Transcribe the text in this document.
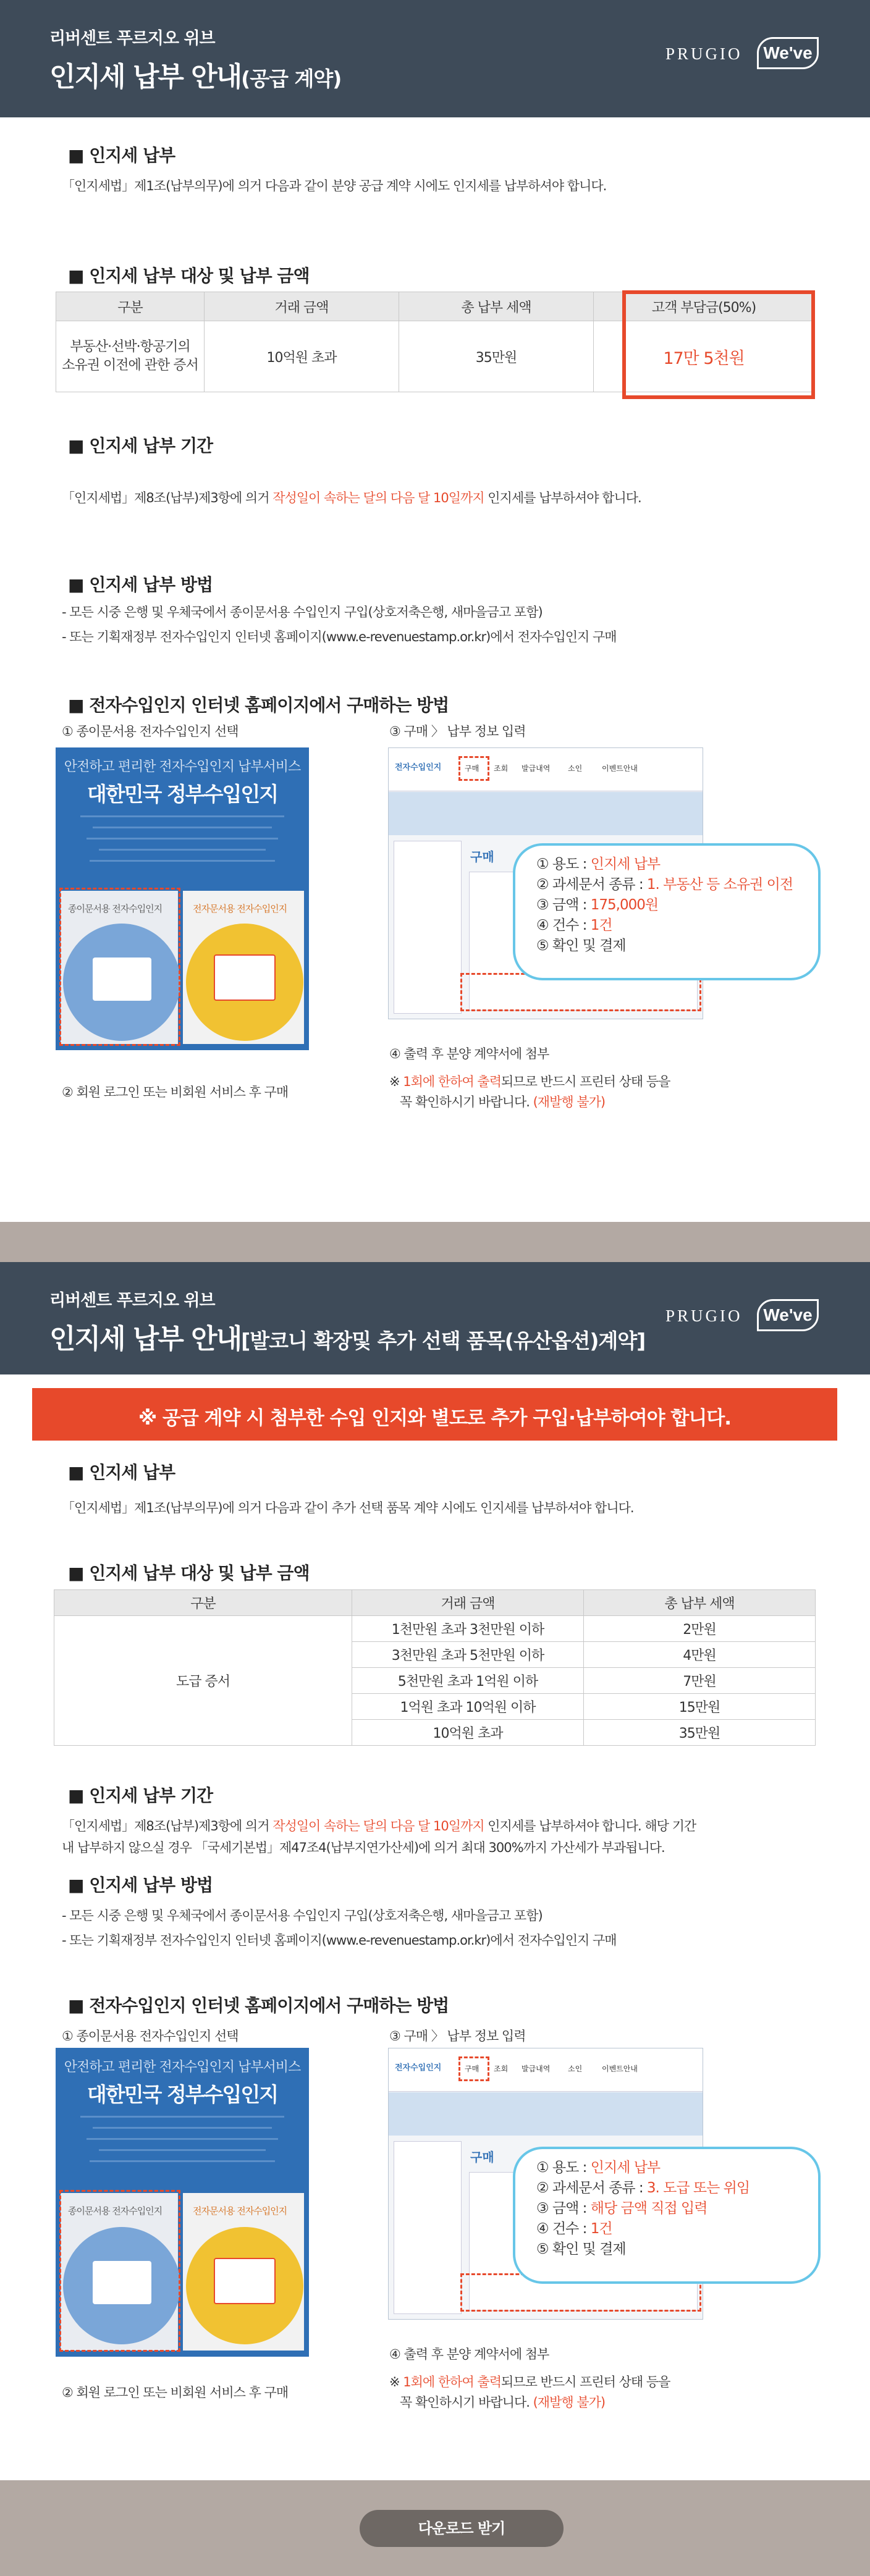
리버센트 푸르지오 위브
인지세 납부 안내(공급 계약)
PRUGIO	We've
■ 인지세 납부
「인지세법」제1조(납부의무)에 의거 다음과 같이 분양 공급 계약 시에도 인지세를 납부하셔야 합니다.
■ 인지세 납부 대상 및 납부 금액
구분	거래 금액	총 납부 세액	고객 부담금(50%)
부동산·선박·항공기의
소유권 이전에 관한 증서	10억원 초과	35만원	17만 5천원
■ 인지세 납부 기간
「인지세법」제8조(납부)제3항에 의거 작성일이 속하는 달의 다음 달 10일까지 인지세를 납부하셔야 합니다.
■ 인지세 납부 방법
- 모든 시중 은행 및 우체국에서 종이문서용 수입인지 구입(상호저축은행, 새마을금고 포함)
- 또는 기획재정부 전자수입인지 인터넷 홈페이지(www.e-revenuestamp.or.kr)에서 전자수입인지 구매
■ 전자수입인지 인터넷 홈페이지에서 구매하는 방법
① 종이문서용 전자수입인지 선택	③ 구매 〉 납부 정보 입력
안전하고 편리한 전자수입인지 납부서비스
대한민국 정부수입인지
종이문서용 전자수입인지	전자문서용 전자수입인지
② 회원 로그인 또는 비회원 서비스 후 구매
전자수입인지	구매 조회 발급내역 소인	이벤트안내
구매	① 용도 : 인지세 납부
② 과세문서 종류 : 1. 부동산 등 소유권 이전
③ 금액 : 175,000원
④ 건수 : 1건
⑤ 확인 및 결제
④ 출력 후 분양 계약서에 첨부
※ 1회에 한하여 출력되므로 반드시 프린터 상태 등을
꼭 확인하시기 바랍니다. (재발행 불가)
리버센트 푸르지오 위브
인지세 납부 안내[발코니 확장및 추가 선택 품목(유산옵션)계약]
PRUGIO	We've
※ 공급 계약 시 첨부한 수입 인지와 별도로 추가 구입·납부하여야 합니다.
■ 인지세 납부
「인지세법」제1조(납부의무)에 의거 다음과 같이 추가 선택 품목 계약 시에도 인지세를 납부하셔야 합니다.
■ 인지세 납부 대상 및 납부 금액
구분	거래 금액	총 납부 세액
도급 증서	1천만원 초과 3천만원 이하	2만원
	3천만원 초과 5천만원 이하	4만원
	5천만원 초과 1억원 이하	7만원
	1억원 초과 10억원 이하	15만원
	10억원 초과	35만원
■ 인지세 납부 기간
「인지세법」제8조(납부)제3항에 의거 작성일이 속하는 달의 다음 달 10일까지 인지세를 납부하셔야 합니다. 해당 기간
내 납부하지 않으실 경우 「국세기본법」제47조4(납부지연가산세)에 의거 최대 300%까지 가산세가 부과됩니다.
■ 인지세 납부 방법
- 모든 시중 은행 및 우체국에서 종이문서용 수입인지 구입(상호저축은행, 새마을금고 포함)
- 또는 기획재정부 전자수입인지 인터넷 홈페이지(www.e-revenuestamp.or.kr)에서 전자수입인지 구매
■ 전자수입인지 인터넷 홈페이지에서 구매하는 방법
① 종이문서용 전자수입인지 선택	③ 구매 〉 납부 정보 입력
안전하고 편리한 전자수입인지 납부서비스
대한민국 정부수입인지
종이문서용 전자수입인지	전자문서용 전자수입인지
② 회원 로그인 또는 비회원 서비스 후 구매
전자수입인지	구매 조회 발급내역 소인	이벤트안내
구매
① 용도 : 인지세 납부
② 과세문서 종류 : 3. 도급 또는 위임
③ 금액 : 해당 금액 직접 입력
④ 건수 : 1건
⑤ 확인 및 결제
④ 출력 후 분양 계약서에 첨부
※ 1회에 한하여 출력되므로 반드시 프린터 상태 등을
꼭 확인하시기 바랍니다. (재발행 불가)
다운로드 받기
